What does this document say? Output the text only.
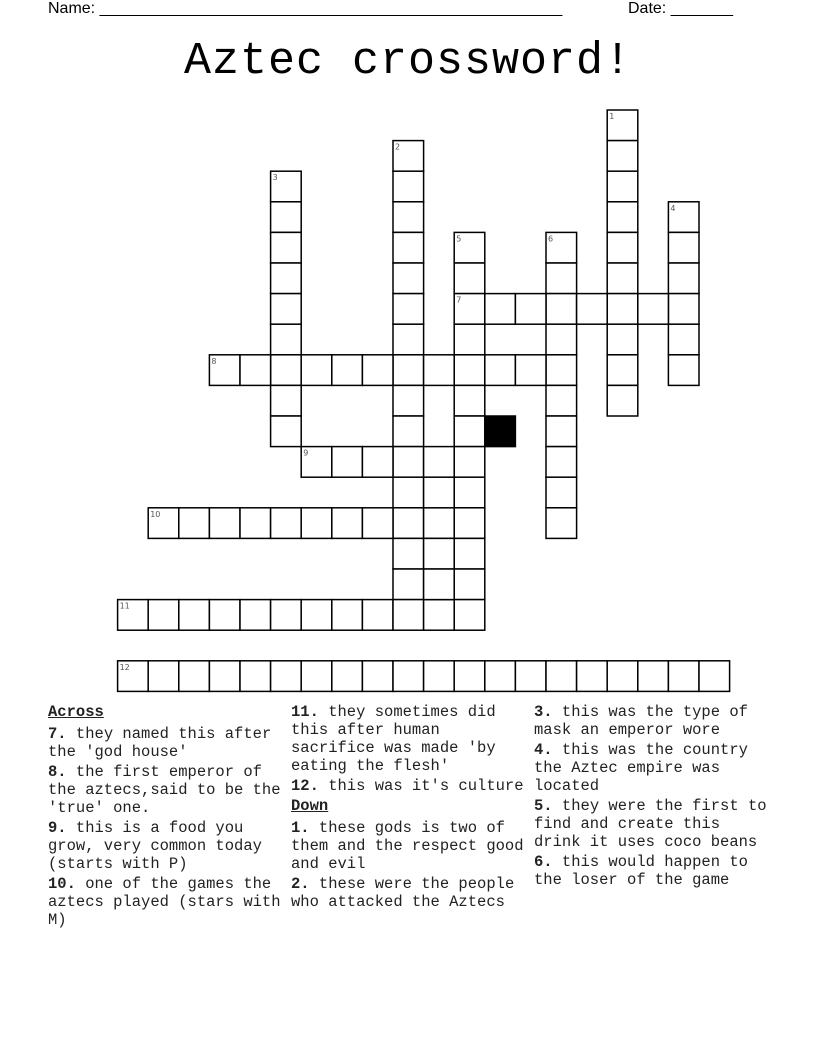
Name: ____________________________________________________	Date: _______
Aztec crossword!
1
2
3
4
5	6
7
8
9
10
11
12
Across
7. they named this after the 'god house'
8. the first emperor of the aztecs,said to be the 'true' one.
9. this is a food you grow, very common today (starts with P)
10. one of the games the aztecs played (stars with M)
11. they sometimes did this after human sacrifice was made 'by eating the flesh'
12. this was it's culture
Down
1. these gods is two of them and the respect good and evil
2. these were the people who attacked the Aztecs
3. this was the type of mask an emperor wore
4. this was the country the Aztec empire was located
5. they were the first to find and create this drink it uses coco beans
6. this would happen to the loser of the game
